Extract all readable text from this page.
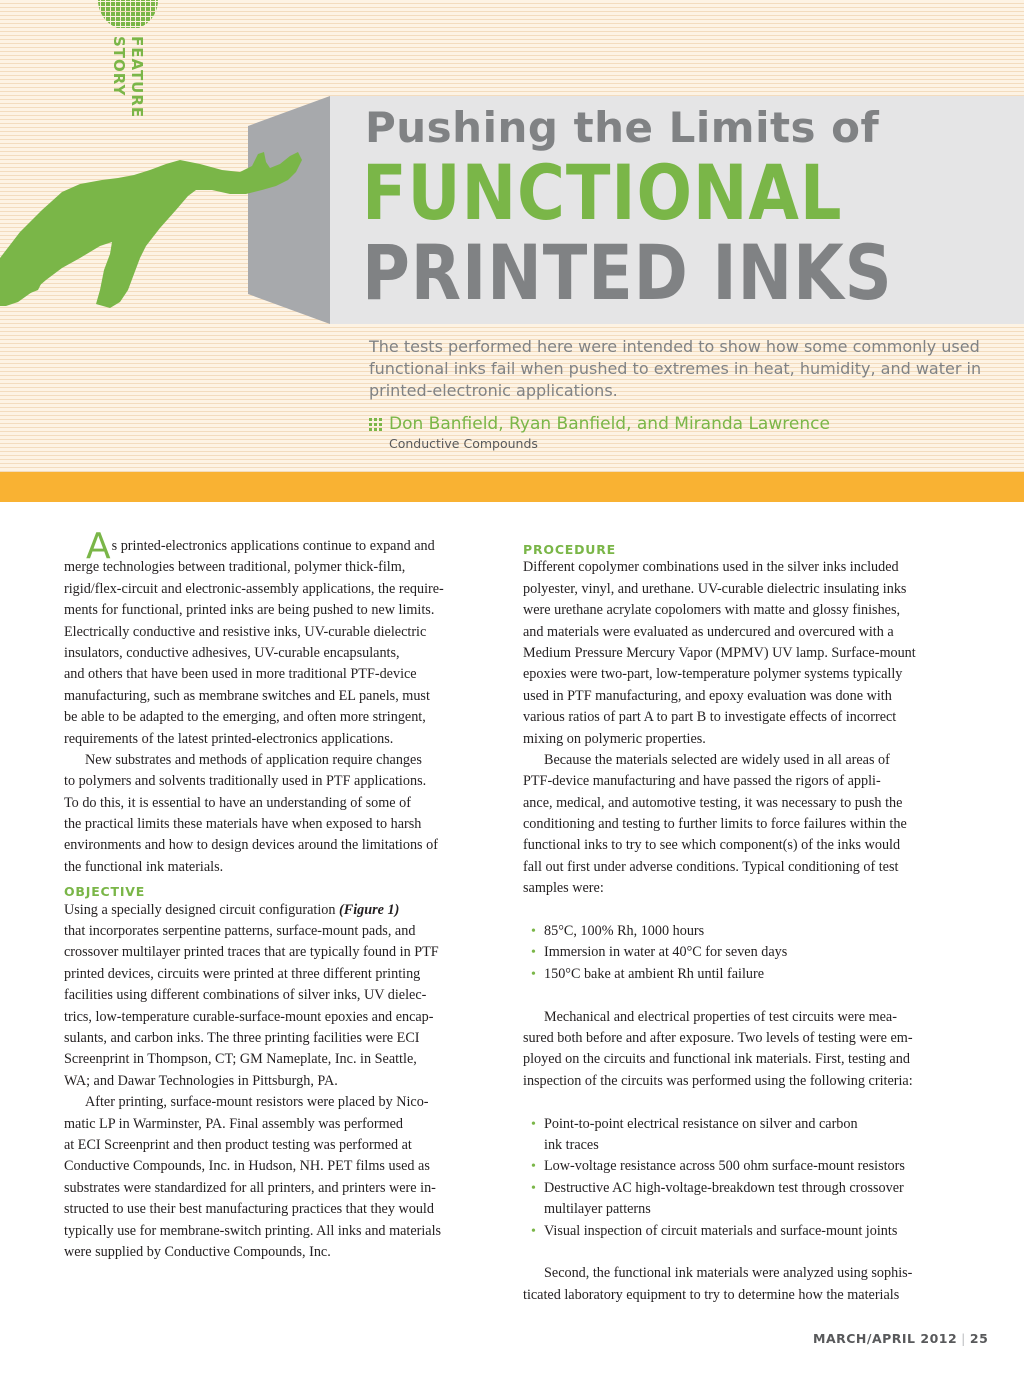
FEATURE
STORY
Pushing the Limits of
FUNCTIONAL
PRINTED INKS
The tests performed here were intended to show how some commonly used
functional inks fail when pushed to extremes in heat, humidity, and water in
printed-electronic applications.
Don Banfield, Ryan Banfield, and Miranda Lawrence
Conductive Compounds
As printed-electronics applications continue to expand and
merge technologies between traditional, polymer thick-film,
rigid/flex-circuit and electronic-assembly applications, the require-
ments for functional, printed inks are being pushed to new limits.
Electrically conductive and resistive inks, UV-curable dielectric
insulators, conductive adhesives, UV-curable encapsulants,
and others that have been used in more traditional PTF-device
manufacturing, such as membrane switches and EL panels, must
be able to be adapted to the emerging, and often more stringent,
requirements of the latest printed-electronics applications.
New substrates and methods of application require changes
to polymers and solvents traditionally used in PTF applications.
To do this, it is essential to have an understanding of some of
the practical limits these materials have when exposed to harsh
environments and how to design devices around the limitations of
the functional ink materials.
OBJECTIVE
Using a specially designed circuit configuration (Figure 1)
that incorporates serpentine patterns, surface-mount pads, and
crossover multilayer printed traces that are typically found in PTF
printed devices, circuits were printed at three different printing
facilities using different combinations of silver inks, UV dielec-
trics, low-temperature curable-surface-mount epoxies and encap-
sulants, and carbon inks. The three printing facilities were ECI
Screenprint in Thompson, CT; GM Nameplate, Inc. in Seattle,
WA; and Dawar Technologies in Pittsburgh, PA.
After printing, surface-mount resistors were placed by Nico-
matic LP in Warminster, PA. Final assembly was performed
at ECI Screenprint and then product testing was performed at
Conductive Compounds, Inc. in Hudson, NH. PET films used as
substrates were standardized for all printers, and printers were in-
structed to use their best manufacturing practices that they would
typically use for membrane-switch printing. All inks and materials
were supplied by Conductive Compounds, Inc.
PROCEDURE
Different copolymer combinations used in the silver inks included
polyester, vinyl, and urethane. UV-curable dielectric insulating inks
were urethane acrylate copolomers with matte and glossy finishes,
and materials were evaluated as undercured and overcured with a
Medium Pressure Mercury Vapor (MPMV) UV lamp. Surface-mount
epoxies were two-part, low-temperature polymer systems typically
used in PTF manufacturing, and epoxy evaluation was done with
various ratios of part A to part B to investigate effects of incorrect
mixing on polymeric properties.
Because the materials selected are widely used in all areas of
PTF-device manufacturing and have passed the rigors of appli-
ance, medical, and automotive testing, it was necessary to push the
conditioning and testing to further limits to force failures within the
functional inks to try to see which component(s) of the inks would
fall out first under adverse conditions. Typical conditioning of test
samples were:
• 85°C, 100% Rh, 1000 hours
• Immersion in water at 40°C for seven days
• 150°C bake at ambient Rh until failure
Mechanical and electrical properties of test circuits were mea-
sured both before and after exposure. Two levels of testing were em-
ployed on the circuits and functional ink materials. First, testing and
inspection of the circuits was performed using the following criteria:
• Point-to-point electrical resistance on silver and carbon
ink traces
• Low-voltage resistance across 500 ohm surface-mount resistors
• Destructive AC high-voltage-breakdown test through crossover
multilayer patterns
• Visual inspection of circuit materials and surface-mount joints
Second, the functional ink materials were analyzed using sophis-
ticated laboratory equipment to try to determine how the materials
MARCH/APRIL 2012 | 25
